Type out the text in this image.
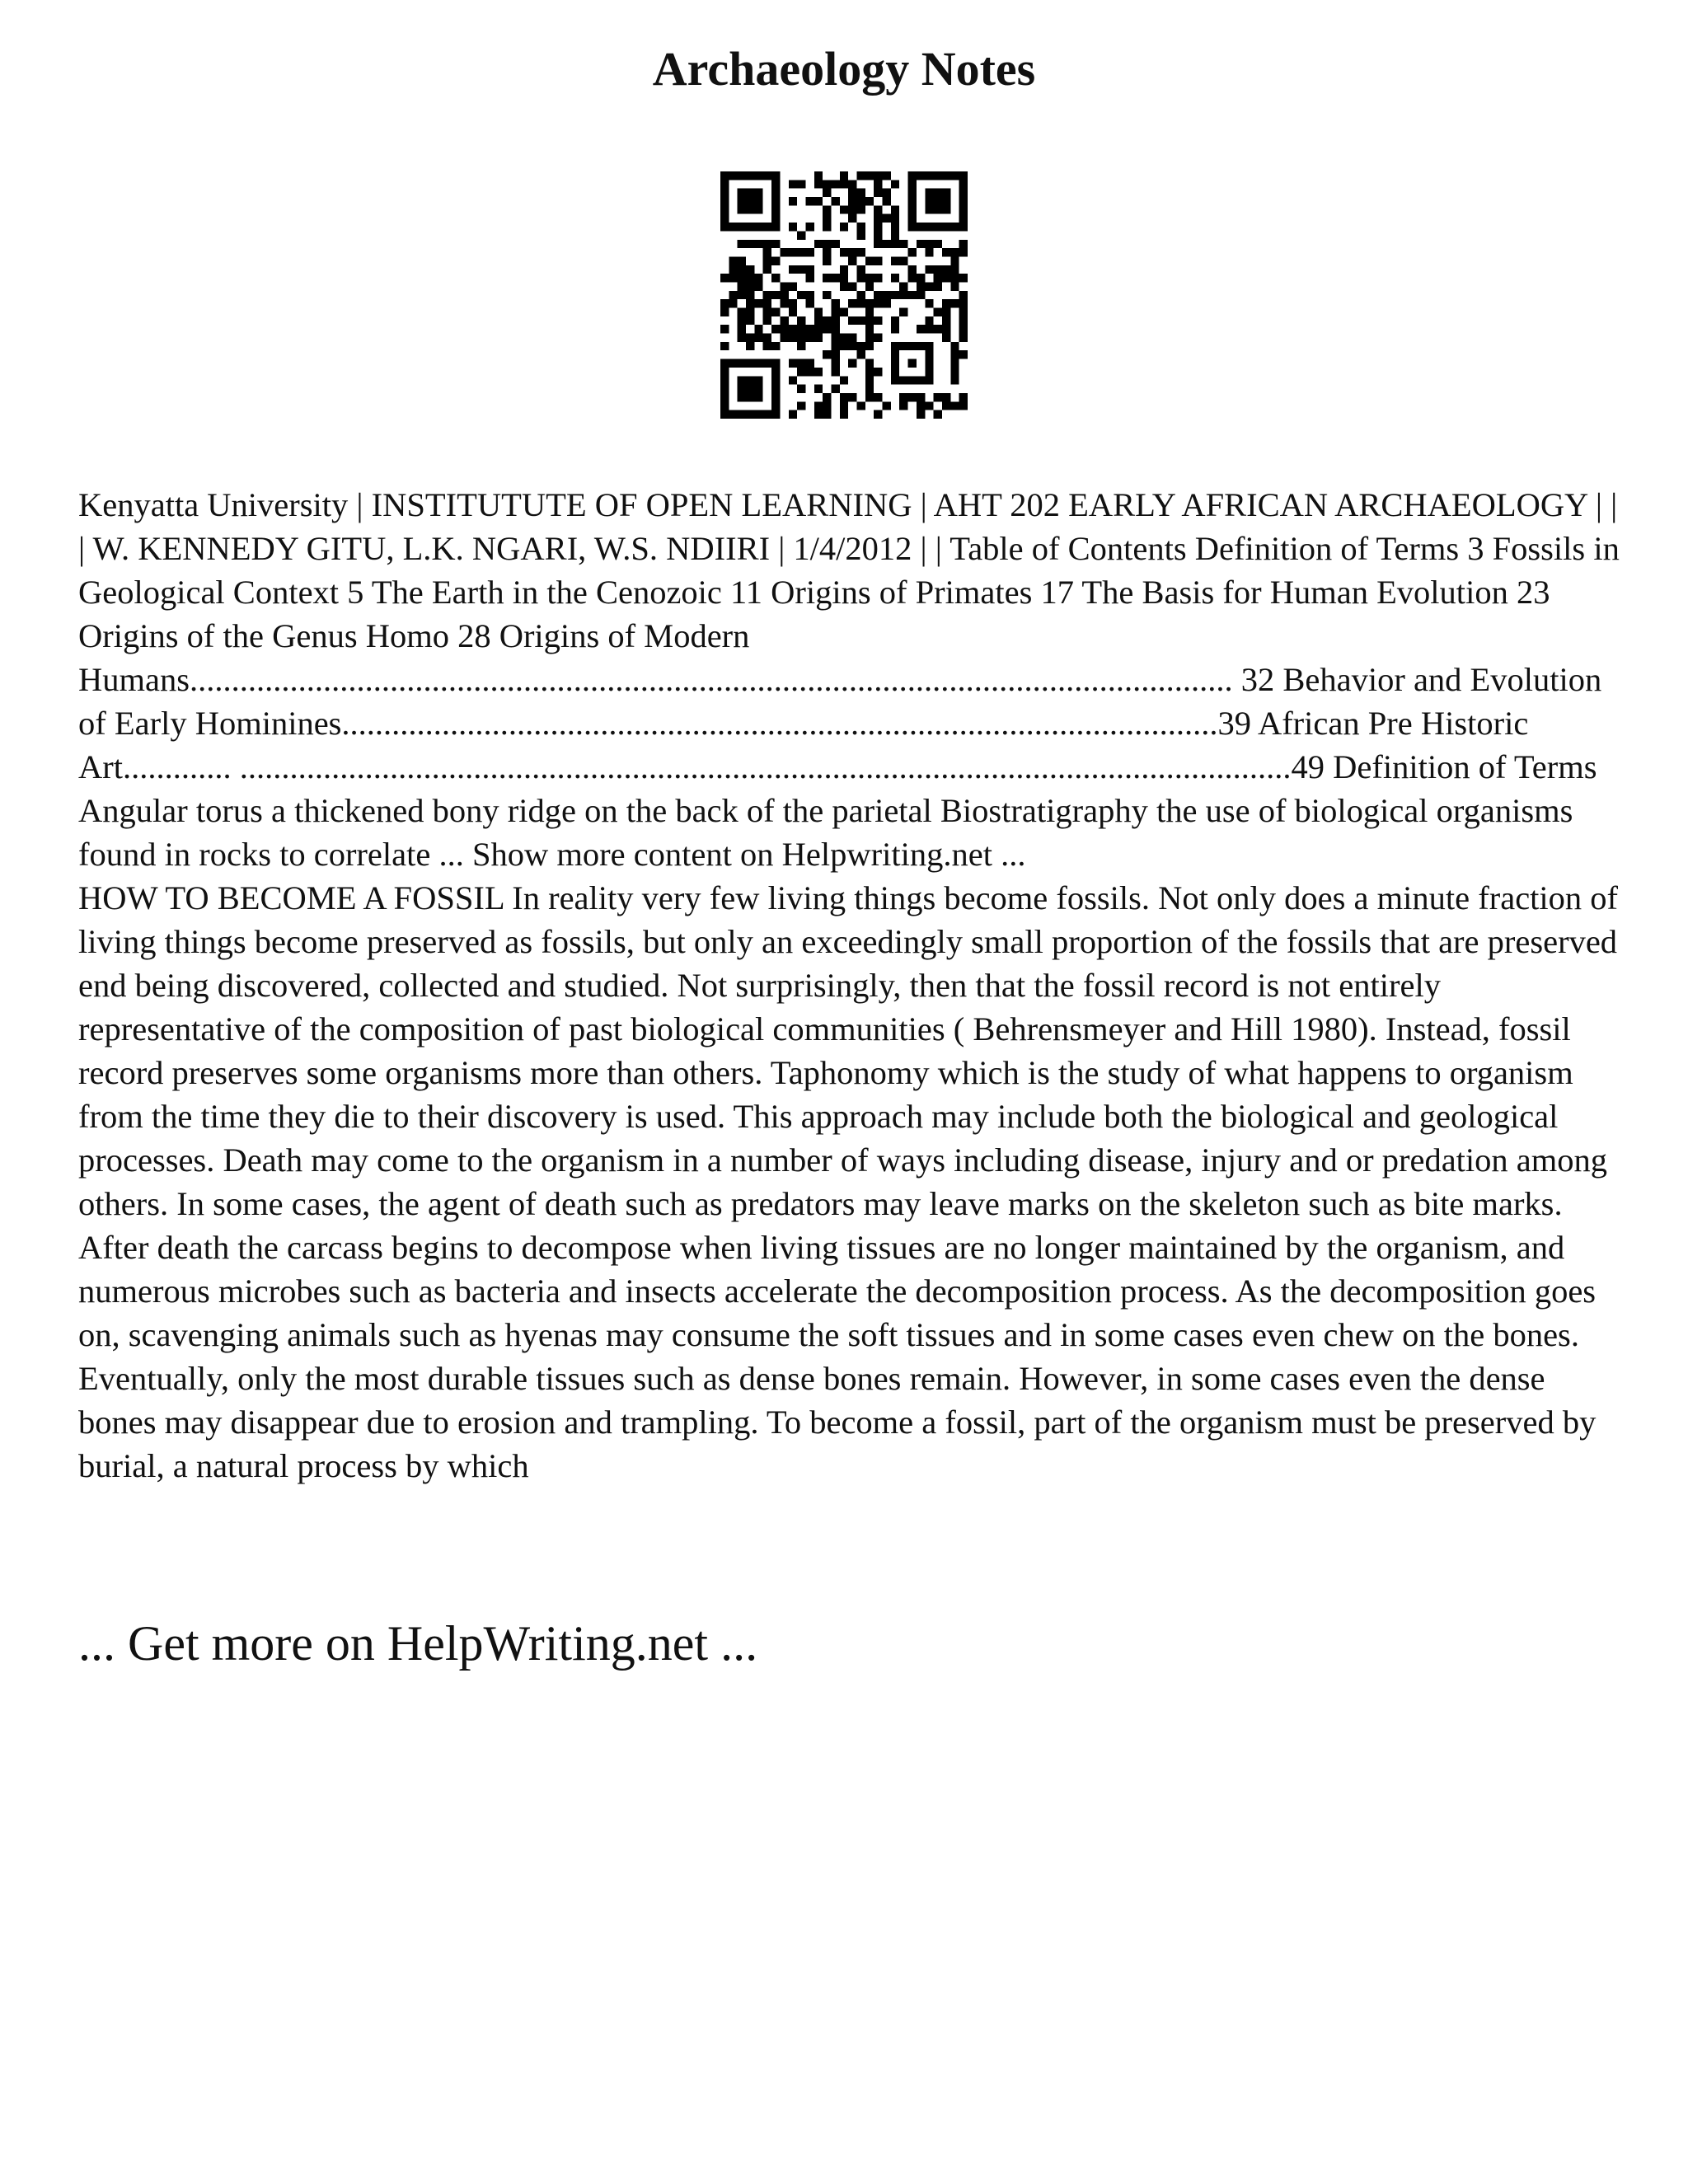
Archaeology Notes

Kenyatta University | INSTITUTUTE OF OPEN LEARNING | AHT 202 EARLY AFRICAN ARCHAEOLOGY | | | W. KENNEDY GITU, L.K. NGARI, W.S. NDIIRI | 1/4/2012 | | Table of Contents Definition of Terms 3 Fossils in Geological Context 5 The Earth in the Cenozoic 11 Origins of Primates 17 The Basis for Human Evolution 23 Origins of the Genus Homo 28 Origins of Modern Humans............................................................................................................................. 32 Behavior and Evolution of Early Hominines.........................................................................................................39 African Pre Historic Art............. ..............................................................................................................................49 Definition of Terms Angular torus a thickened bony ridge on the back of the parietal Biostratigraphy the use of biological organisms found in rocks to correlate ... Show more content on Helpwriting.net ...

HOW TO BECOME A FOSSIL In reality very few living things become fossils. Not only does a minute fraction of living things become preserved as fossils, but only an exceedingly small proportion of the fossils that are preserved end being discovered, collected and studied. Not surprisingly, then that the fossil record is not entirely representative of the composition of past biological communities ( Behrensmeyer and Hill 1980). Instead, fossil record preserves some organisms more than others. Taphonomy which is the study of what happens to organism from the time they die to their discovery is used. This approach may include both the biological and geological processes. Death may come to the organism in a number of ways including disease, injury and or predation among others. In some cases, the agent of death such as predators may leave marks on the skeleton such as bite marks. After death the carcass begins to decompose when living tissues are no longer maintained by the organism, and numerous microbes such as bacteria and insects accelerate the decomposition process. As the decomposition goes on, scavenging animals such as hyenas may consume the soft tissues and in some cases even chew on the bones. Eventually, only the most durable tissues such as dense bones remain. However, in some cases even the dense bones may disappear due to erosion and trampling. To become a fossil, part of the organism must be preserved by burial, a natural process by which

... Get more on HelpWriting.net ...
